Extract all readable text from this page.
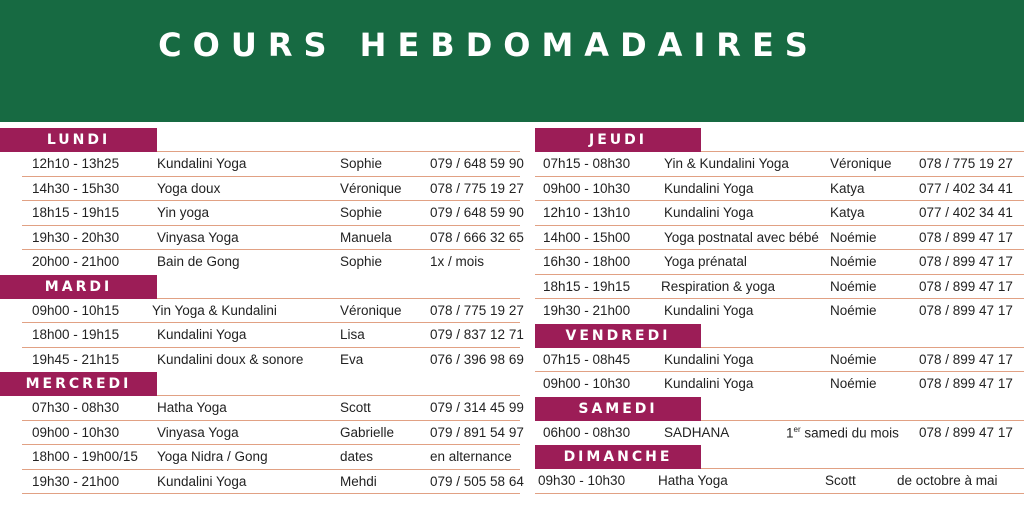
COURS HEBDOMADAIRES
LUNDI
12h10 - 13h25	Kundalini Yoga	Sophie	079 / 648 59 90
14h30 - 15h30	Yoga doux	Véronique 078 / 775 19 27
18h15 - 19h15	Yin yoga	Sophie	079 / 648 59 90
19h30 - 20h30	Vinyasa Yoga	Manuela	078 / 666 32 65
20h00 - 21h00	Bain de Gong	Sophie	1x / mois
MARDI
09h00 - 10h15 Yin Yoga & Kundalini	Véronique 078 / 775 19 27
18h00 - 19h15	Kundalini Yoga	Lisa	079 / 837 12 71
19h45 - 21h15	Kundalini doux & sonore	Eva	076 / 396 98 69
MERCREDI
07h30 - 08h30	Hatha Yoga	Scott	079 / 314 45 99
09h00 - 10h30	Vinyasa Yoga	Gabrielle	079 / 891 54 97
18h00 - 19h00/15 Yoga Nidra / Gong	dates	en alternance
19h30 - 21h00	Kundalini Yoga	Mehdi	079 / 505 58 64
JEUDI
07h15 - 08h30	Yin & Kundalini Yoga	Véronique 078 / 775 19 27
09h00 - 10h30	Kundalini Yoga	Katya	077 / 402 34 41
12h10 - 13h10	Kundalini Yoga	Katya	077 / 402 34 41
14h00 - 15h00	Yoga postnatal avec bébé Noémie	078 / 899 47 17
16h30 - 18h00	Yoga prénatal	Noémie	078 / 899 47 17
18h15 - 19h15 Respiration & yoga	Noémie	078 / 899 47 17
19h30 - 21h00	Kundalini Yoga	Noémie	078 / 899 47 17
VENDREDI
07h15 - 08h45	Kundalini Yoga	Noémie	078 / 899 47 17
09h00 - 10h30	Kundalini Yoga	Noémie	078 / 899 47 17
SAMEDI
06h00 - 08h30	SADHANA	1er samedi du mois 078 / 899 47 17
DIMANCHE
09h30 - 10h30 Hatha Yoga	Scott	de octobre à mai
